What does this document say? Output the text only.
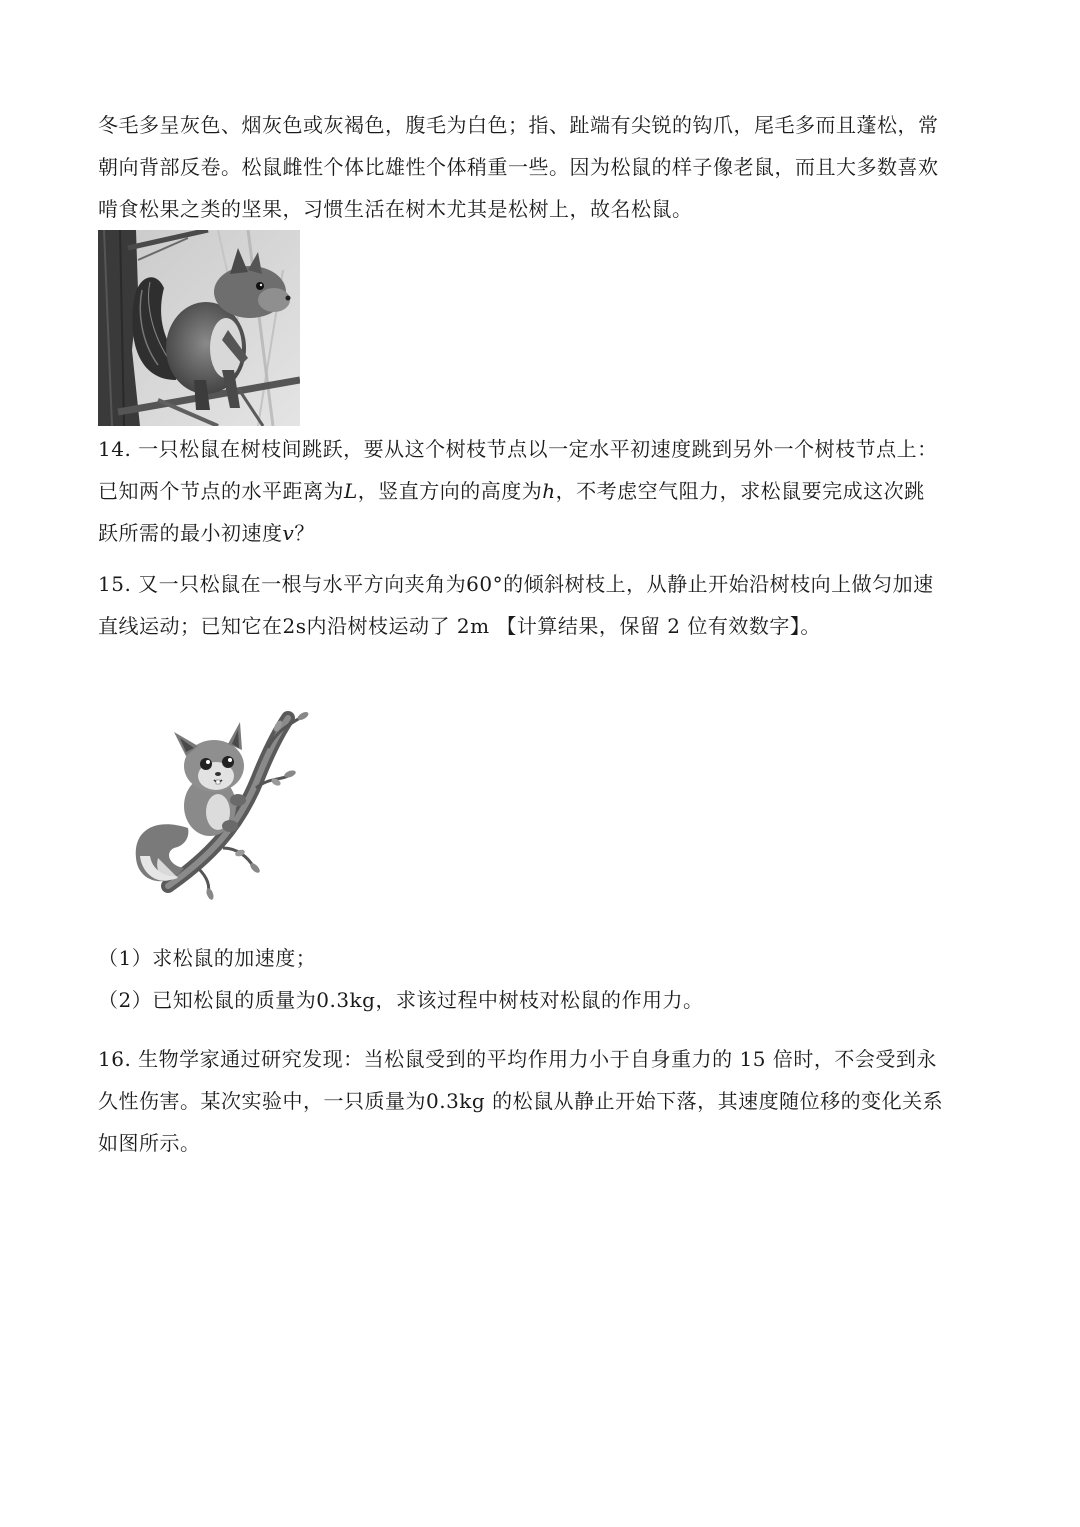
冬毛多呈灰色、烟灰色或灰褐色，腹毛为白色；指、趾端有尖锐的钩爪，尾毛多而且蓬松，常
朝向背部反卷。松鼠雌性个体比雄性个体稍重一些。因为松鼠的样子像老鼠，而且大多数喜欢
啃食松果之类的坚果，习惯生活在树木尤其是松树上，故名松鼠。

14. 一只松鼠在树枝间跳跃，要从这个树枝节点以一定水平初速度跳到另外一个树枝节点上：
已知两个节点的水平距离为L，竖直方向的高度为h，不考虑空气阻力，求松鼠要完成这次跳
跃所需的最小初速度v？

15. 又一只松鼠在一根与水平方向夹角为60°的倾斜树枝上，从静止开始沿树枝向上做匀加速
直线运动；已知它在2s内沿树枝运动了 2m 【计算结果，保留 2 位有效数字】。

（1）求松鼠的加速度；
（2）已知松鼠的质量为0.3kg，求该过程中树枝对松鼠的作用力。

16. 生物学家通过研究发现：当松鼠受到的平均作用力小于自身重力的 15 倍时，不会受到永
久性伤害。某次实验中，一只质量为0.3kg 的松鼠从静止开始下落，其速度随位移的变化关系
如图所示。
